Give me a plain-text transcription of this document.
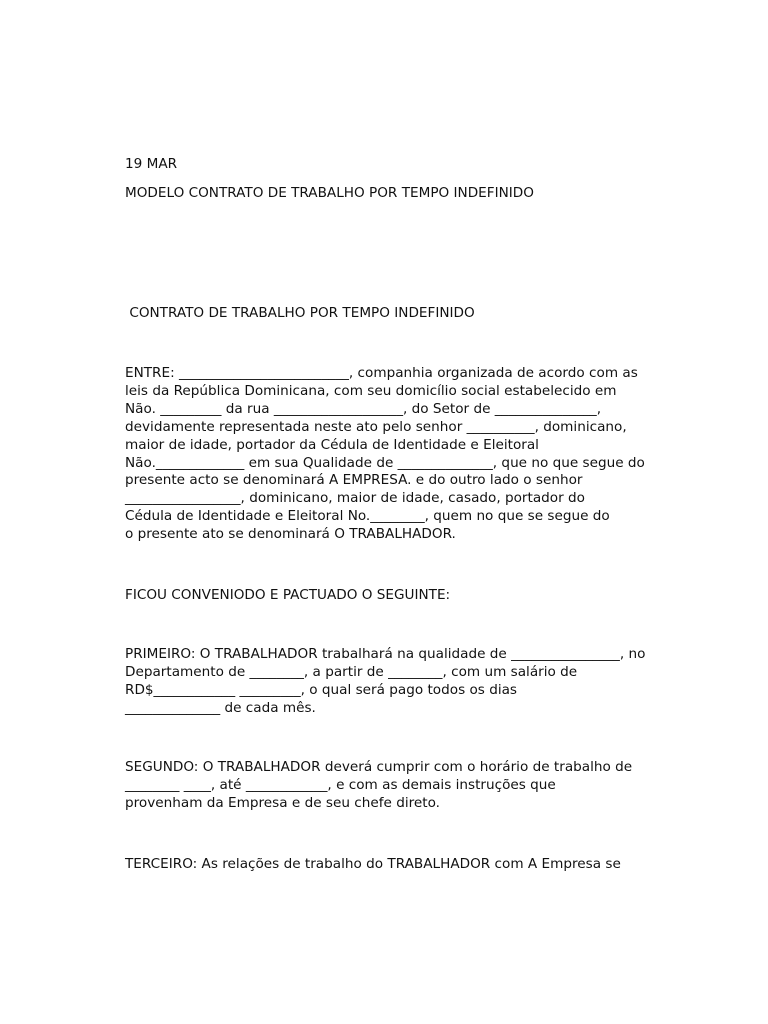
19 MAR
MODELO CONTRATO DE TRABALHO POR TEMPO INDEFINIDO
CONTRATO DE TRABALHO POR TEMPO INDEFINIDO
ENTRE: _________________________, companhia organizada de acordo com as
leis da República Dominicana, com seu domicílio social estabelecido em
Não. _________ da rua ___________________, do Setor de _______________,
devidamente representada neste ato pelo senhor __________, dominicano,
maior de idade, portador da Cédula de Identidade e Eleitoral
Não._____________ em sua Qualidade de ______________, que no que segue do
presente acto se denominará A EMPRESA. e do outro lado o senhor
_________________, dominicano, maior de idade, casado, portador do
Cédula de Identidade e Eleitoral No.________, quem no que se segue do
o presente ato se denominará O TRABALHADOR.
FICOU CONVENIODO E PACTUADO O SEGUINTE:
PRIMEIRO: O TRABALHADOR trabalhará na qualidade de ________________, no
Departamento de ________, a partir de ________, com um salário de
RD$____________ _________, o qual será pago todos os dias
______________ de cada mês.
SEGUNDO: O TRABALHADOR deverá cumprir com o horário de trabalho de
________ ____, até ____________, e com as demais instruções que
provenham da Empresa e de seu chefe direto.
TERCEIRO: As relações de trabalho do TRABALHADOR com A Empresa se
